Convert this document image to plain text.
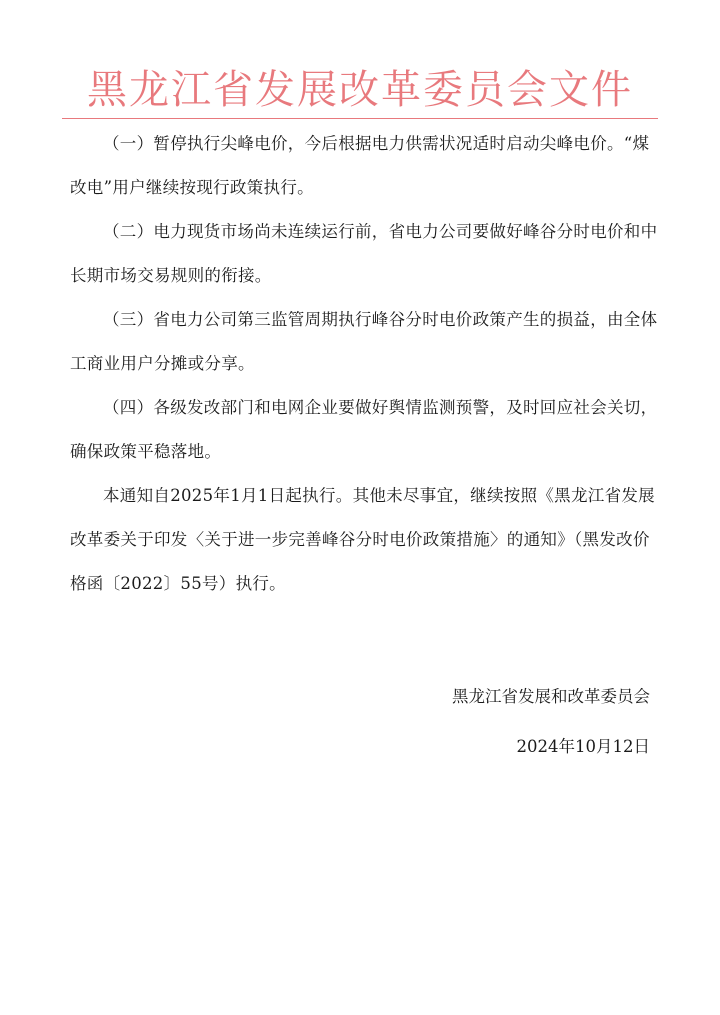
黑龙江省发展改革委员会文件

（一）暂停执行尖峰电价，今后根据电力供需状况适时启动尖峰电价。“煤改电”用户继续按现行政策执行。

（二）电力现货市场尚未连续运行前，省电力公司要做好峰谷分时电价和中长期市场交易规则的衔接。

（三）省电力公司第三监管周期执行峰谷分时电价政策产生的损益，由全体工商业用户分摊或分享。

（四）各级发改部门和电网企业要做好舆情监测预警，及时回应社会关切，确保政策平稳落地。

本通知自2025年1月1日起执行。其他未尽事宜，继续按照《黑龙江省发展改革委关于印发〈关于进一步完善峰谷分时电价政策措施〉的通知》（黑发改价格函〔2022〕55号）执行。

黑龙江省发展和改革委员会
2024年10月12日
